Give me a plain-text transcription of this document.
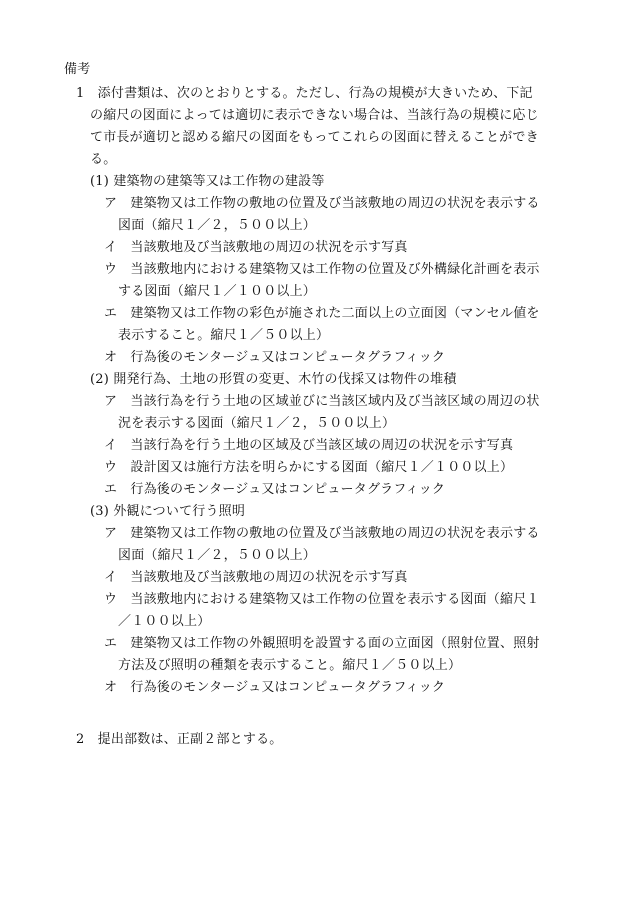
備考
1　添付書類は、次のとおりとする。ただし、行為の規模が大きいため、下記
の縮尺の図面によっては適切に表示できない場合は、当該行為の規模に応じ
て市長が適切と認める縮尺の図面をもってこれらの図面に替えることができ
る。
(1) 建築物の建築等又は工作物の建設等
ア　建築物又は工作物の敷地の位置及び当該敷地の周辺の状況を表示する
図面（縮尺１／２，５００以上）
イ　当該敷地及び当該敷地の周辺の状況を示す写真
ウ　当該敷地内における建築物又は工作物の位置及び外構緑化計画を表示
する図面（縮尺１／１００以上）
エ　建築物又は工作物の彩色が施された二面以上の立面図（マンセル値を
表示すること。縮尺１／５０以上）
オ　行為後のモンタージュ又はコンピュータグラフィック
(2) 開発行為、土地の形質の変更、木竹の伐採又は物件の堆積
ア　当該行為を行う土地の区域並びに当該区域内及び当該区域の周辺の状
況を表示する図面（縮尺１／２，５００以上）
イ　当該行為を行う土地の区域及び当該区域の周辺の状況を示す写真
ウ　設計図又は施行方法を明らかにする図面（縮尺１／１００以上）
エ　行為後のモンタージュ又はコンピュータグラフィック
(3) 外観について行う照明
ア　建築物又は工作物の敷地の位置及び当該敷地の周辺の状況を表示する
図面（縮尺１／２，５００以上）
イ　当該敷地及び当該敷地の周辺の状況を示す写真
ウ　当該敷地内における建築物又は工作物の位置を表示する図面（縮尺１
／１００以上）
エ　建築物又は工作物の外観照明を設置する面の立面図（照射位置、照射
方法及び照明の種類を表示すること。縮尺１／５０以上）
オ　行為後のモンタージュ又はコンピュータグラフィック
2　提出部数は、正副２部とする。
